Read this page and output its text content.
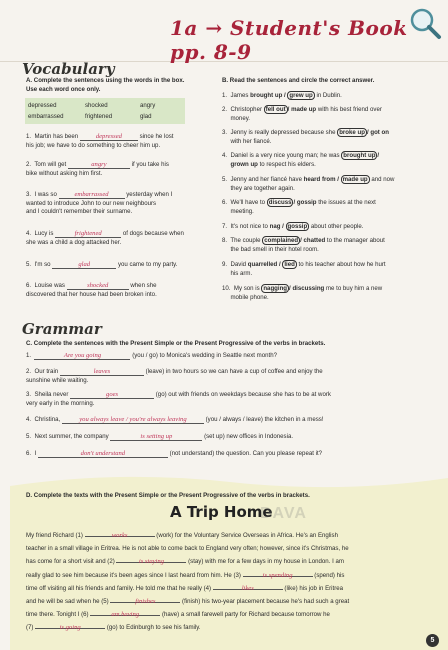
1a → Student's Book pp. 8-9
Vocabulary
A. Complete the sentences using the words in the box. Use each word once only.
depressed	shocked	angry
embarrassed	frightened	glad
1. Martin has been	depressed	since he lost
his job; we have to do something to cheer him up.
2. Tom will get	angry	if you take his
bike without asking him first.
3. I was so	embarrassed	yesterday when I
wanted to introduce John to our new neighbours
and I couldn't remember their surname.
4. Lucy is	frightened	of dogs because when
she was a child a dog attacked her.
5. I'm so	glad	you came to my party.
6. Louise was	shocked	when she
discovered that her house had been broken into.
B. Read the sentences and circle the correct answer.
1. James brought up / grew up in Dublin.
2. Christopher fell out / made up with his best friend over
money.
3. Jenny is really depressed because she broke up / got on
with her fiancé.
4. Daniel is a very nice young man; he was brought up /
grown up to respect his elders.
5.  Jenny and her fiancé have heard from / made up and now
they are together again.
6. We'll have to discuss / gossip the issues at the next
meeting.
7. It's not nice to nag / gossip about other people.
8. The couple complained / chatted to the manager about
the bad smell in their hotel room.
9. David quarrelled / lied to his teacher about how he hurt
his arm.
10. My son is nagging / discussing me to buy him a new
mobile phone.
Grammar
C. Complete the sentences with the Present Simple or the Present Progressive of the verbs in brackets.
1.	Are you going	(you / go) to Monica's wedding in Seattle next month?
2. Our train	leaves	(leave) in two hours so we can have a cup of coffee and enjoy the
sunshine while waiting.
3. Sheila never	goes	(go) out with friends on weekdays because she has to be at work
very early in the morning.
4. Christina,	you always leave / you're always leaving	(you / always / leave) the kitchen in a mess!
5. Next summer, the company	is setting up	(set up) new offices in Indonesia.
6. I	don't understand	(not understand) the question. Can you please repeat it?
D. Complete the texts with the Present Simple or the Present Progressive of the verbs in brackets.
A Trip Home
DAVA
My friend Richard (1)	works	(work) for the Voluntary Service Overseas in Africa. He's an English
teacher in a small village in Eritrea. He is not able to come back to England very often; however, since it's Christmas, he
has come for a short visit and (2)	is staying	(stay) with me for a few days in my house in London. I am
really glad to see him because it's been ages since I last heard from him. He (3)	is spending	(spend) his
time off visiting all his friends and family. He told me that he really (4)	likes	(like) his job in Eritrea
and he will be sad when he (5)	finishes	(finish) his two-year placement because he's had such a great
time there. Tonight I (6)	am having	(have) a small farewell party for Richard because tomorrow he
(7)	is going	(go) to Edinburgh to see his family.
5
